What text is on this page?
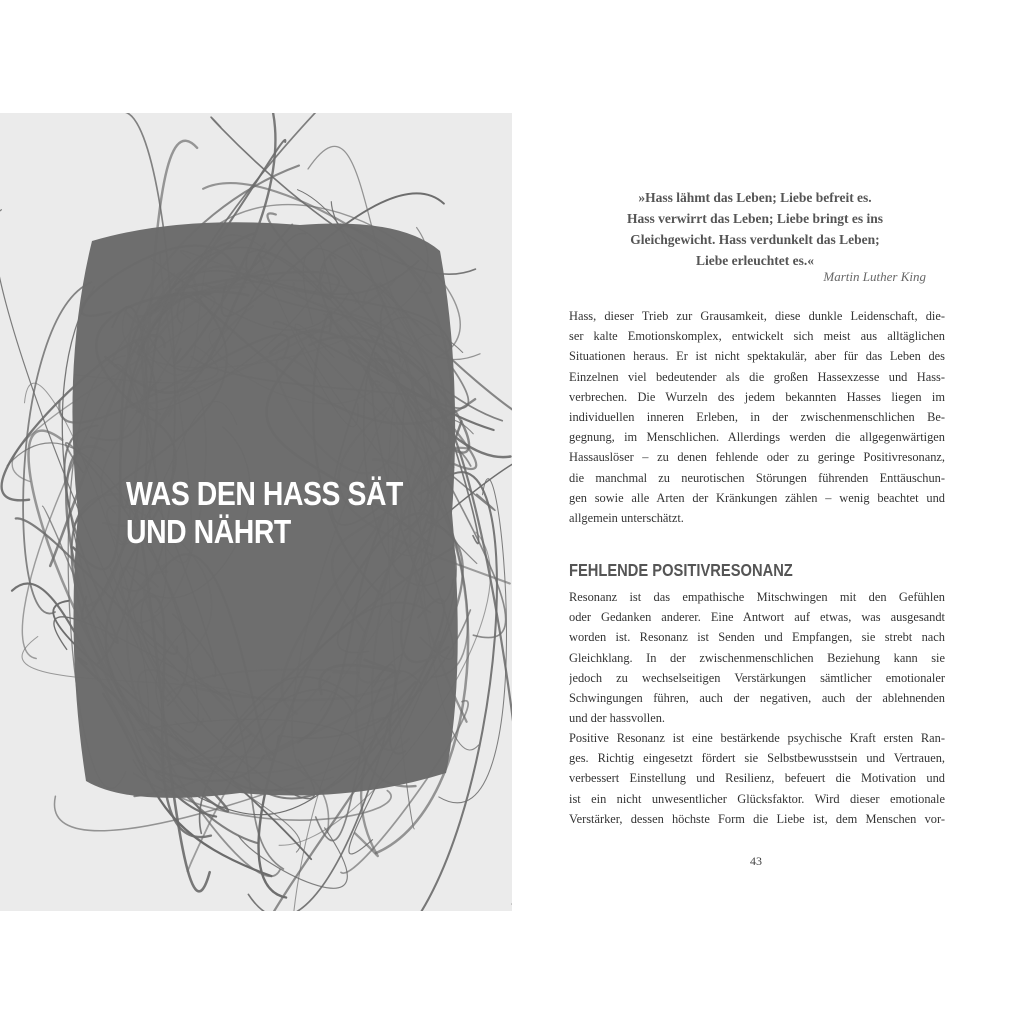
WAS DEN HASS SÄT
UND NÄHRT
»Hass lähmt das Leben; Liebe befreit es.
Hass verwirrt das Leben; Liebe bringt es ins
Gleichgewicht. Hass verdunkelt das Leben;
Liebe erleuchtet es.«
Martin Luther King
Hass, dieser Trieb zur Grausamkeit, diese dunkle Leidenschaft, die-
ser kalte Emotionskomplex, entwickelt sich meist aus alltäglichen
Situationen heraus. Er ist nicht spektakulär, aber für das Leben des
Einzelnen viel bedeutender als die großen Hassexzesse und Hass-
verbrechen. Die Wurzeln des jedem bekannten Hasses liegen im
individuellen inneren Erleben, in der zwischenmenschlichen Be-
gegnung, im Menschlichen. Allerdings werden die allgegenwärtigen
Hassauslöser – zu denen fehlende oder zu geringe Positivresonanz,
die manchmal zu neurotischen Störungen führenden Enttäuschun-
gen sowie alle Arten der Kränkungen zählen – wenig beachtet und
allgemein unterschätzt.
FEHLENDE POSITIVRESONANZ
Resonanz ist das empathische Mitschwingen mit den Gefühlen
oder Gedanken anderer. Eine Antwort auf etwas, was ausgesandt
worden ist. Resonanz ist Senden und Empfangen, sie strebt nach
Gleichklang. In der zwischenmenschlichen Beziehung kann sie
jedoch zu wechselseitigen Verstärkungen sämtlicher emotionaler
Schwingungen führen, auch der negativen, auch der ablehnenden
und der hassvollen.
Positive Resonanz ist eine bestärkende psychische Kraft ersten Ran-
ges. Richtig eingesetzt fördert sie Selbstbewusstsein und Vertrauen,
verbessert Einstellung und Resilienz, befeuert die Motivation und
ist ein nicht unwesentlicher Glücksfaktor. Wird dieser emotionale
Verstärker, dessen höchste Form die Liebe ist, dem Menschen vor-
43
